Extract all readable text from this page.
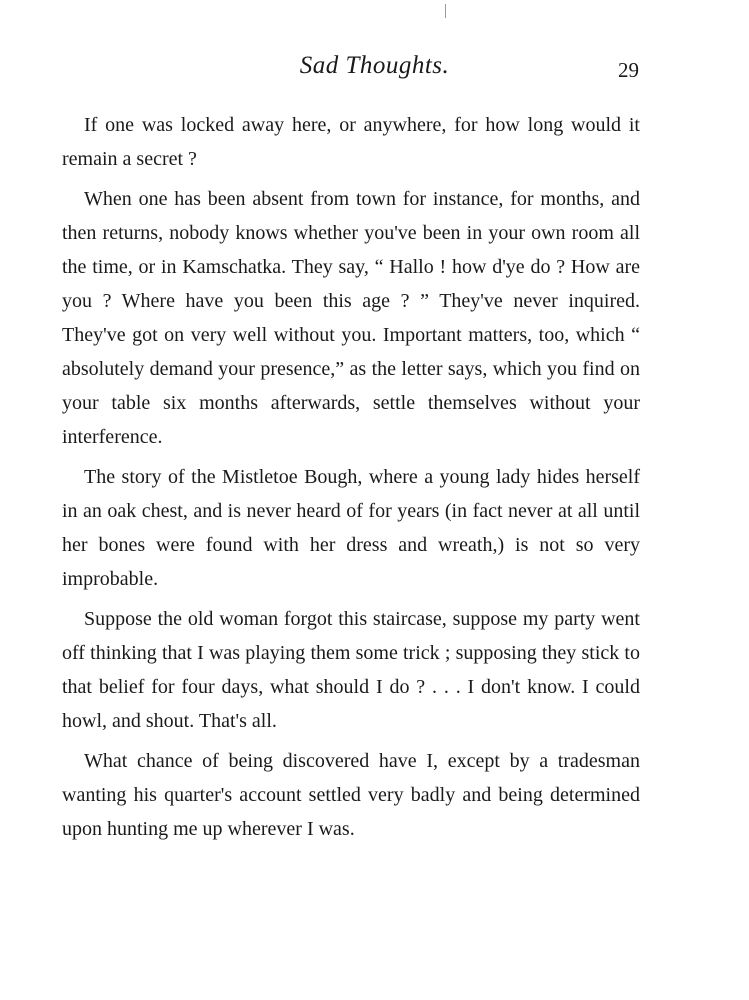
Sad Thoughts.	29

If one was locked away here, or anywhere, for how long would it remain a secret ?

When one has been absent from town for instance, for months, and then returns, nobody knows whether you've been in your own room all the time, or in Kamschatka. They say, “ Hallo ! how d'ye do ? How are you ? Where have you been this age ? ” They've never inquired. They've got on very well without you. Important matters, too, which “ absolutely demand your presence,” as the letter says, which you find on your table six months afterwards, settle themselves without your interference.

The story of the Mistletoe Bough, where a young lady hides herself in an oak chest, and is never heard of for years (in fact never at all until her bones were found with her dress and wreath,) is not so very improbable.

Suppose the old woman forgot this staircase, suppose my party went off thinking that I was playing them some trick ; supposing they stick to that belief for four days, what should I do ? . . . I don't know. I could howl, and shout. That's all.

What chance of being discovered have I, except by a tradesman wanting his quarter's account settled very badly and being determined upon hunting me up wherever I was.
